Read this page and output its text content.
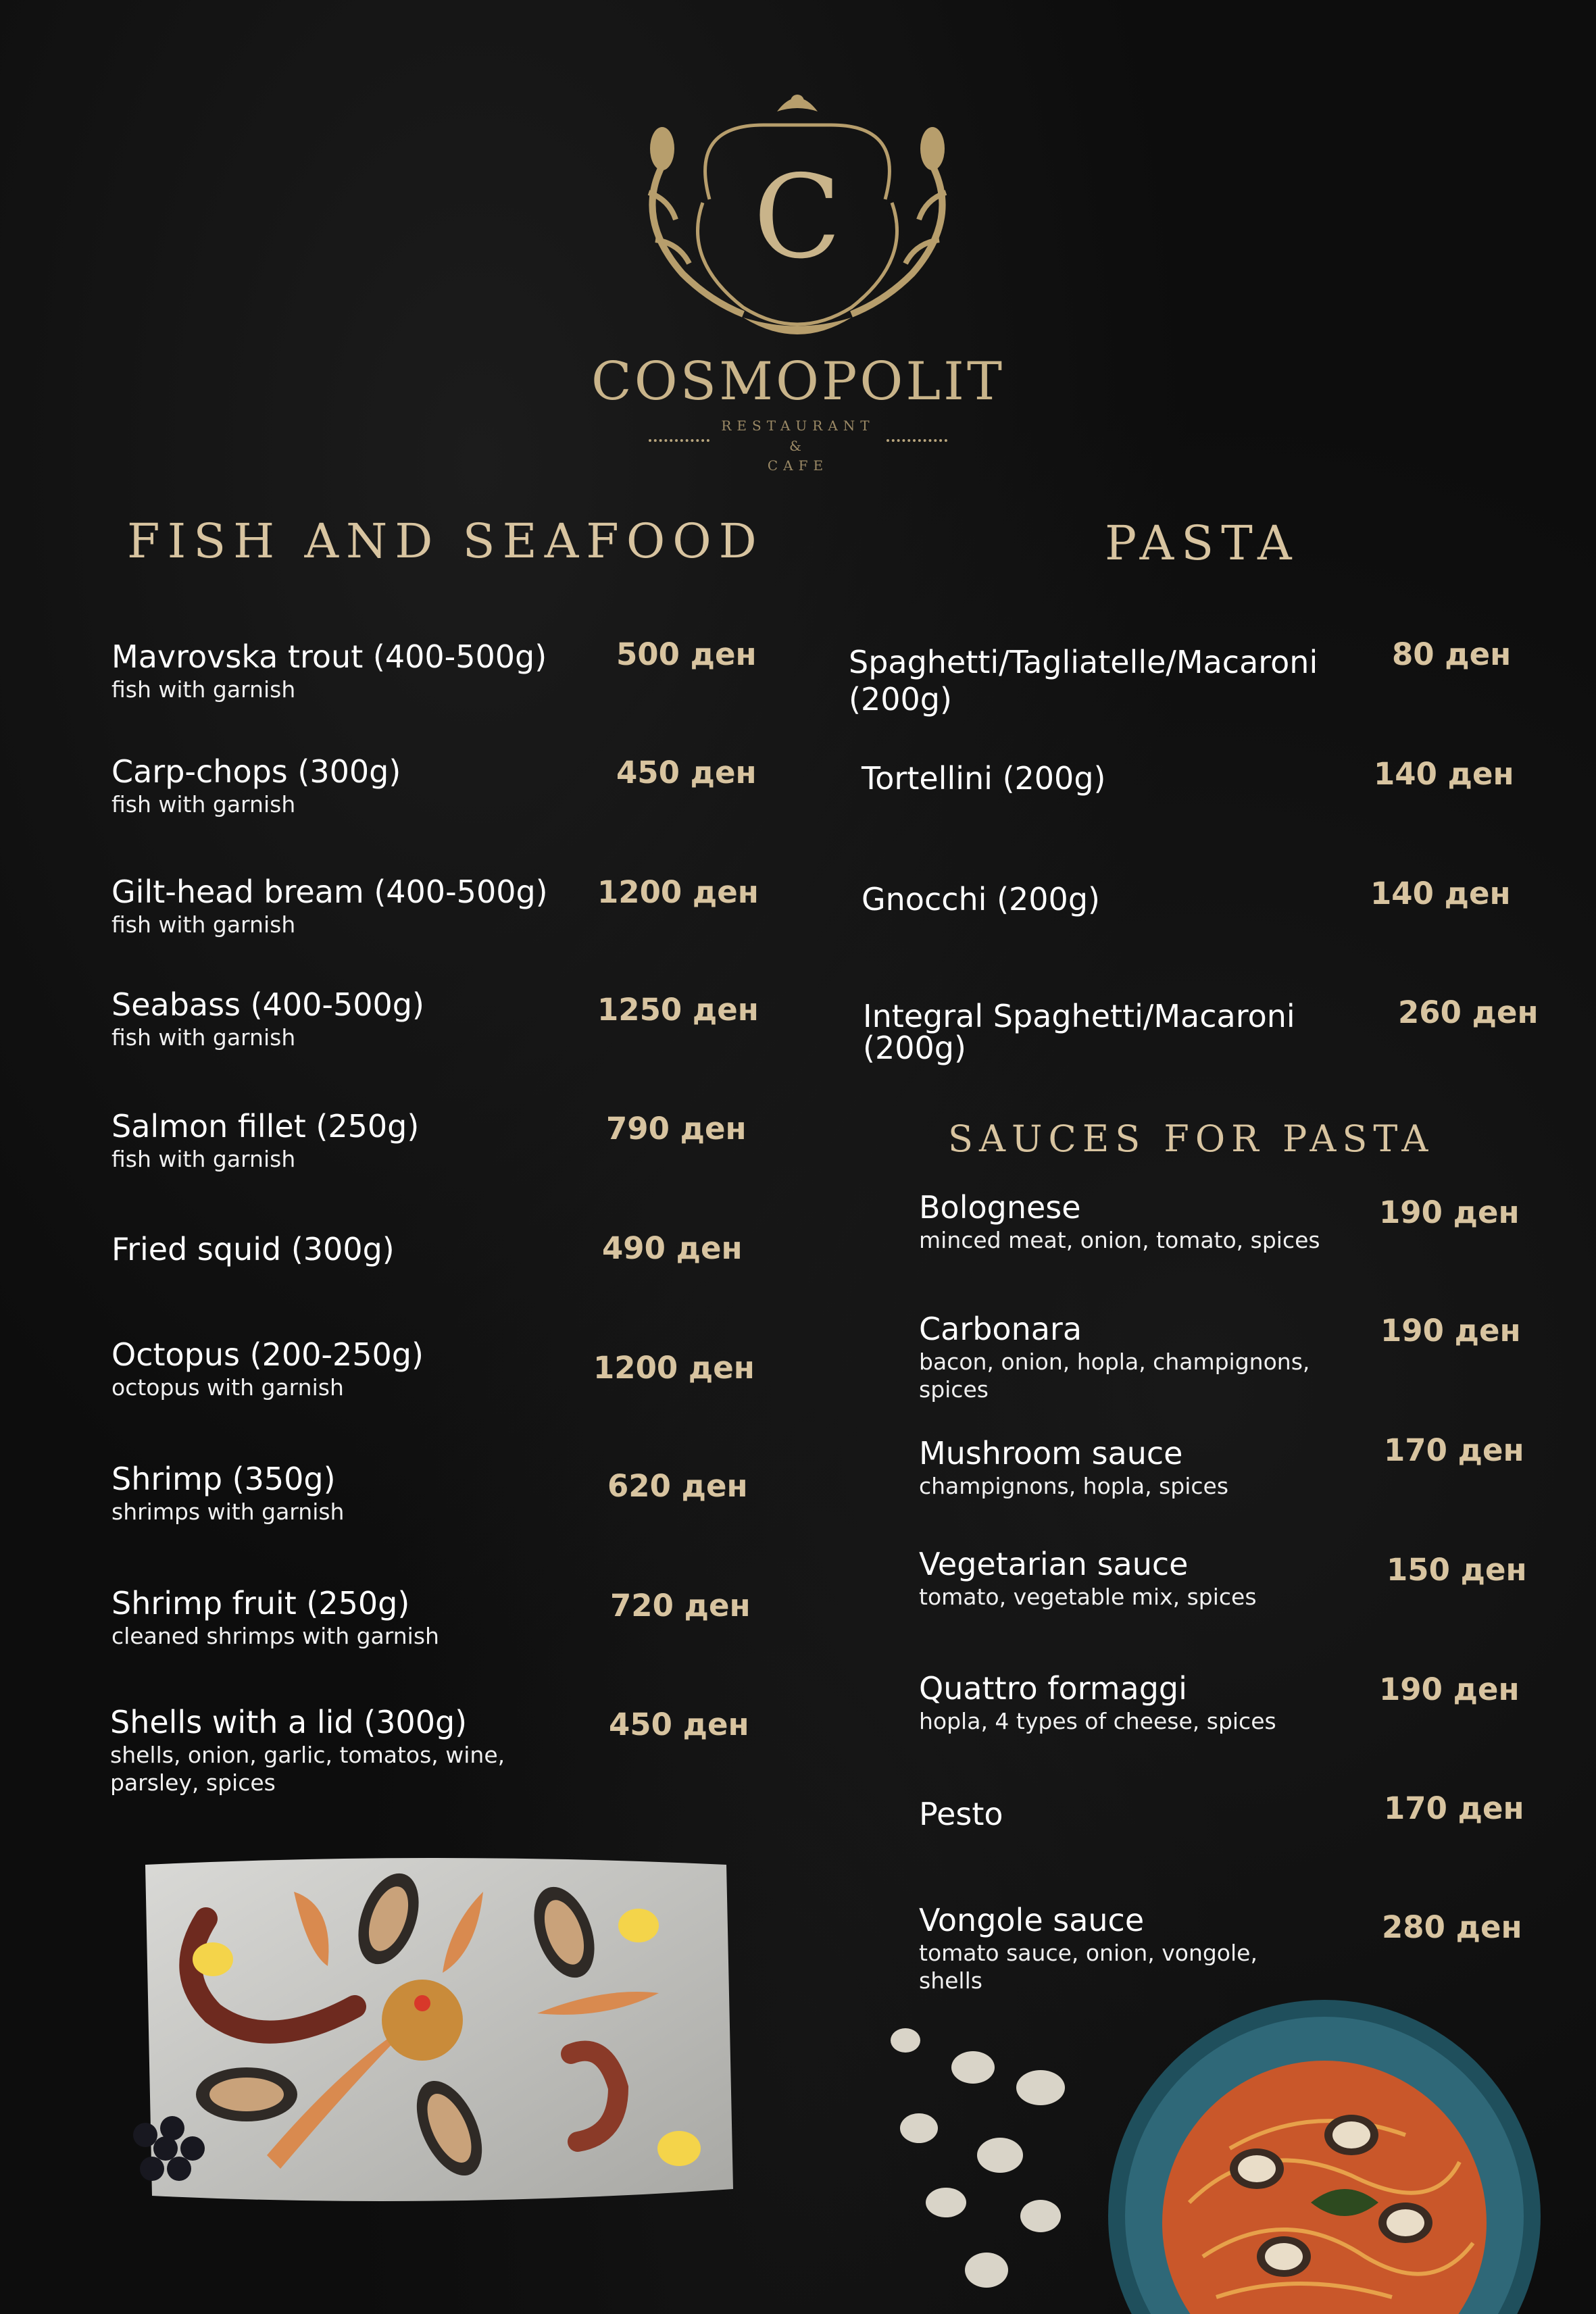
C
COSMOPOLIT
RESTAURANT
&
CAFE
FISH AND SEAFOOD	PASTA
SAUCES FOR PASTA
Mavrovska trout (400-500g)
fish with garnish
500 ден
Carp-chops (300g)
fish with garnish
450 ден
Gilt-head bream (400-500g)
fish with garnish
1200 ден
Seabass (400-500g)
fish with garnish
1250 ден
Salmon fillet (250g)
fish with garnish
790 ден
Fried squid (300g)	490 ден
Octopus (200-250g)
octopus with garnish
1200 ден
Shrimp (350g)
shrimps with garnish
620 ден
Shrimp fruit (250g)
cleaned shrimps with garnish
720 ден
Shells with a lid (300g)
shells, onion, garlic, tomatos, wine,
parsley, spices
450 ден
Spaghetti/Tagliatelle/Macaroni
(200g)
80 ден
Tortellini (200g)	140 ден
Gnocchi (200g)	140 ден
Integral Spaghetti/Macaroni
(200g)
260 ден
Bolognese
minced meat, onion, tomato, spices
190 ден
Carbonara
bacon, onion, hopla, champignons,
spices
190 ден
Mushroom sauce
champignons, hopla, spices
170 ден
Vegetarian sauce
tomato, vegetable mix, spices
150 ден
Quattro formaggi
hopla, 4 types of cheese, spices
190 ден
Pesto	170 ден
Vongole sauce
tomato sauce, onion, vongole,
shells
280 ден
